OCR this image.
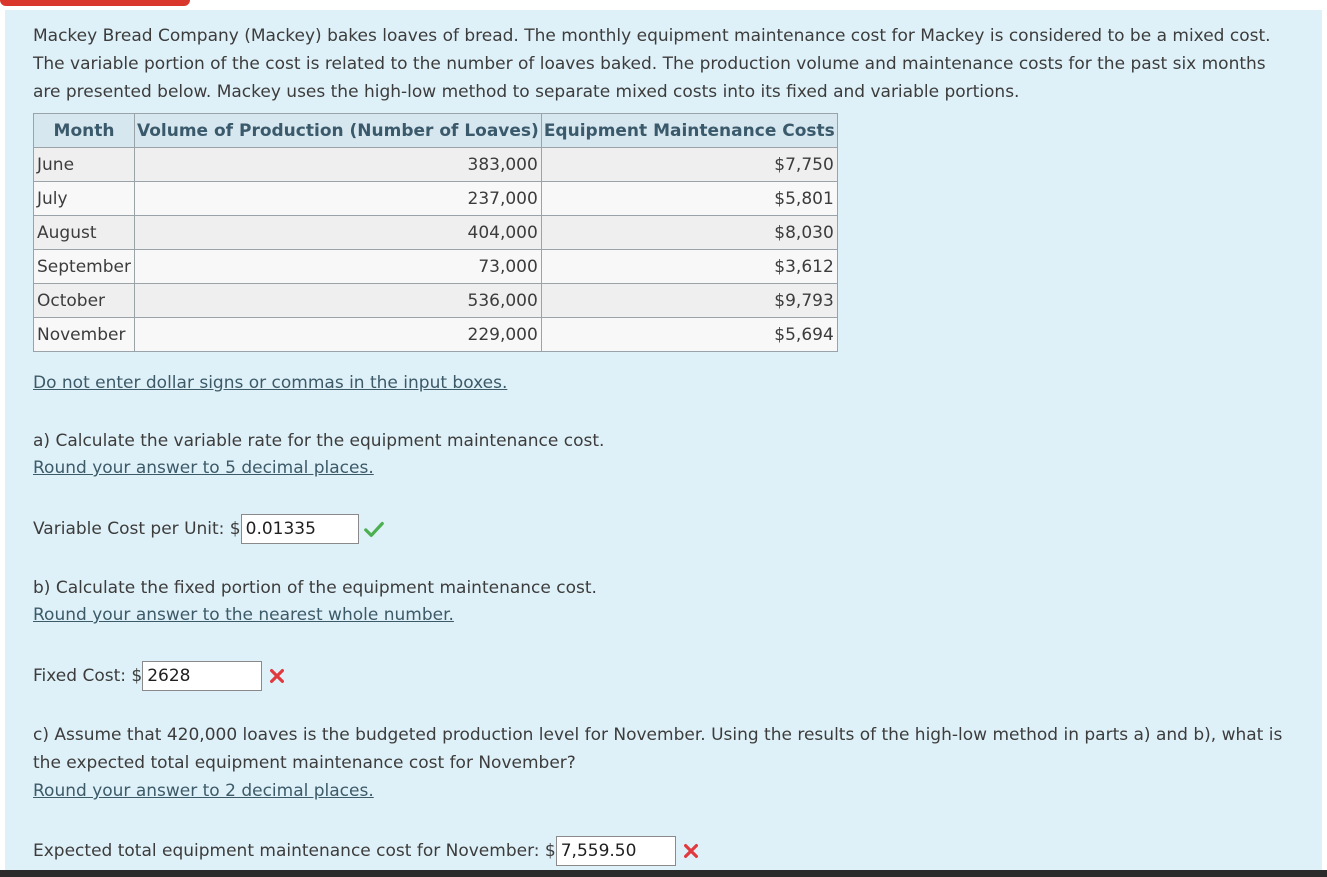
Mackey Bread Company (Mackey) bakes loaves of bread. The monthly equipment maintenance cost for Mackey is considered to be a mixed cost. The variable portion of the cost is related to the number of loaves baked. The production volume and maintenance costs for the past six months are presented below. Mackey uses the high-low method to separate mixed costs into its fixed and variable portions.

Month	Volume of Production (Number of Loaves)	Equipment Maintenance Costs
June	383,000	$7,750
July	237,000	$5,801
August	404,000	$8,030
September	73,000	$3,612
October	536,000	$9,793
November	229,000	$5,694
Do not enter dollar signs or commas in the input boxes.

a) Calculate the variable rate for the equipment maintenance cost.

Round your answer to 5 decimal places.
Variable Cost per Unit: $
0.01335

b) Calculate the fixed portion of the equipment maintenance cost.

Round your answer to the nearest whole number.
Fixed Cost: $
2628

c) Assume that 420,000 loaves is the budgeted production level for November. Using the results of the high-low method in parts a) and b), what is the expected total equipment maintenance cost for November?

Round your answer to 2 decimal places.
Expected total equipment maintenance cost for November: $
7,559.50
